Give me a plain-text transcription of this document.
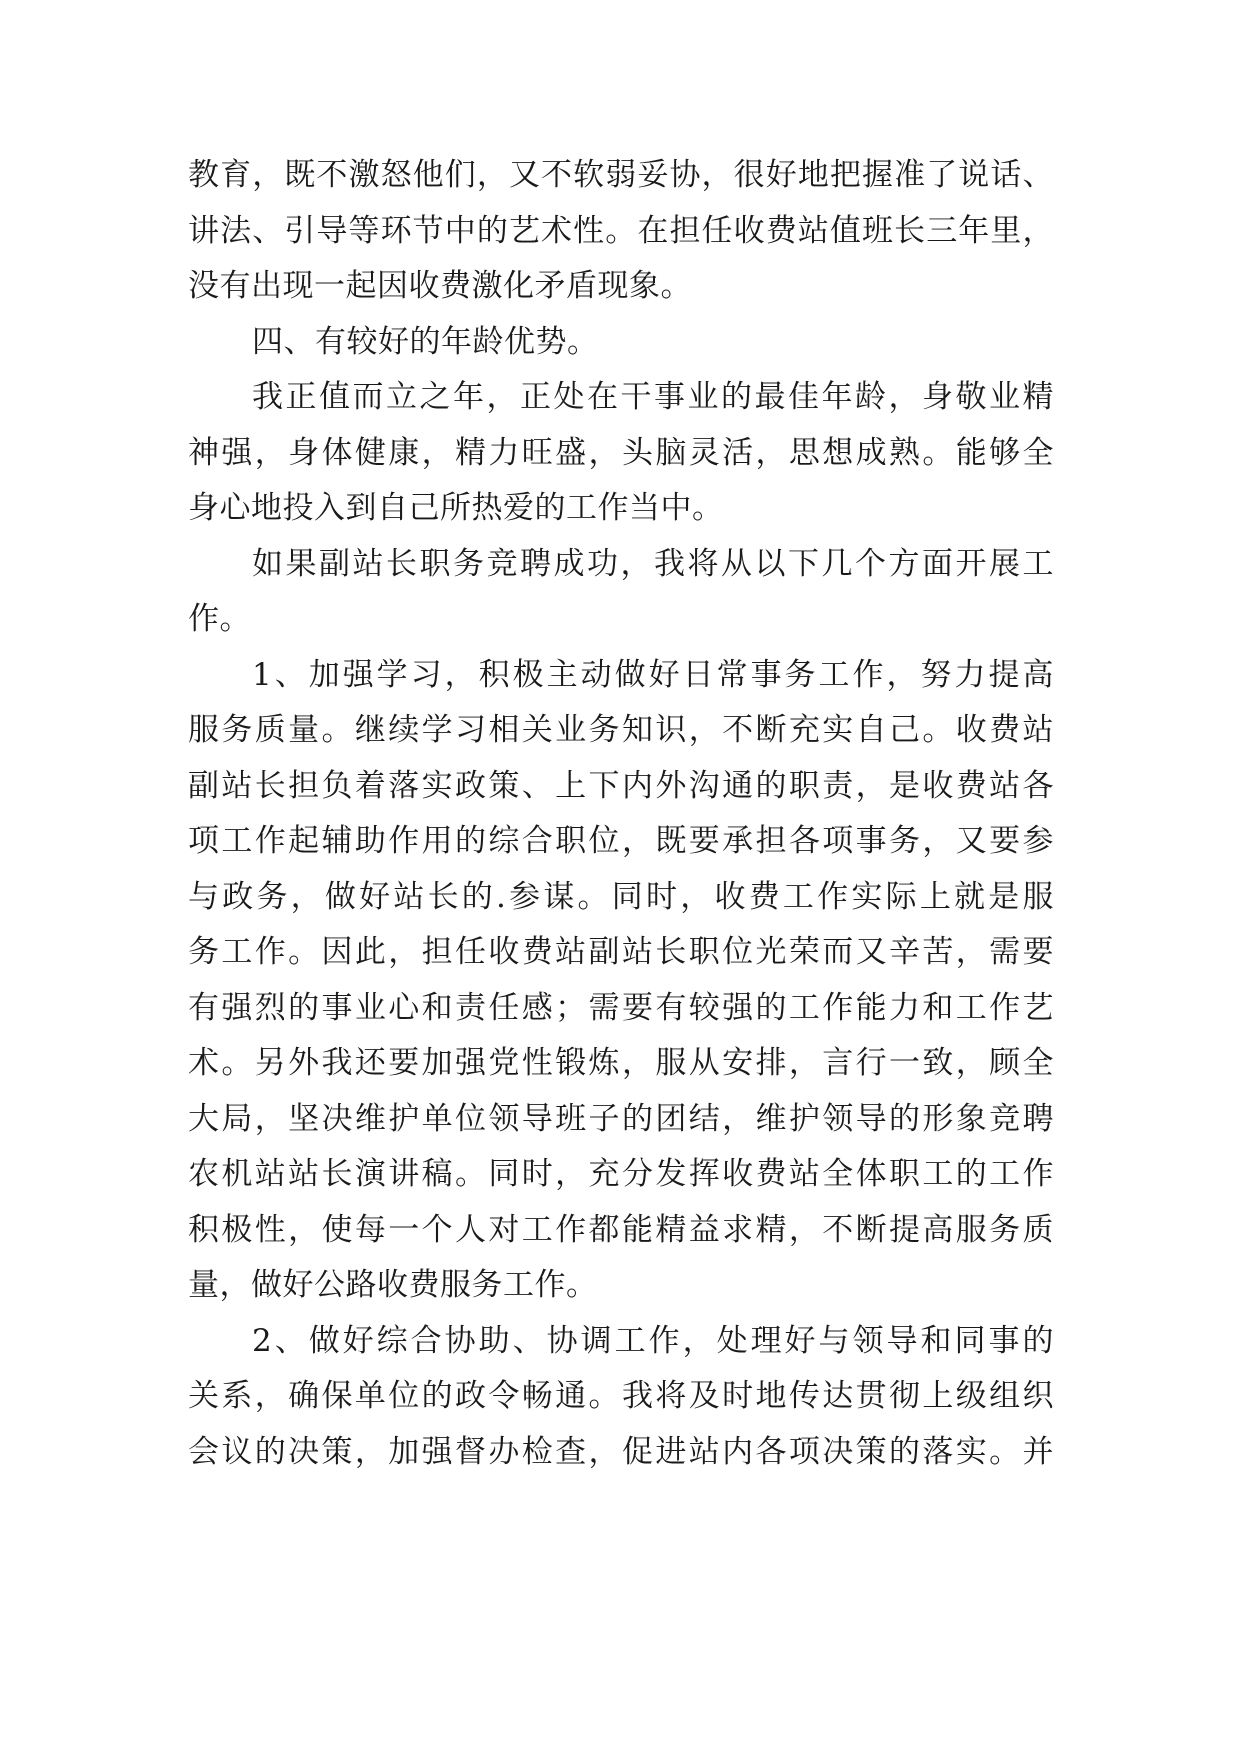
教育，既不激怒他们，又不软弱妥协，很好地把握准了说话、
讲法、引导等环节中的艺术性。在担任收费站值班长三年里，
没有出现一起因收费激化矛盾现象。
四、有较好的年龄优势。
我正值而立之年，正处在干事业的最佳年龄，身敬业精
神强，身体健康，精力旺盛，头脑灵活，思想成熟。能够全
身心地投入到自己所热爱的工作当中。
如果副站长职务竞聘成功，我将从以下几个方面开展工
作。
1、加强学习，积极主动做好日常事务工作，努力提高
服务质量。继续学习相关业务知识，不断充实自己。收费站
副站长担负着落实政策、上下内外沟通的职责，是收费站各
项工作起辅助作用的综合职位，既要承担各项事务，又要参
与政务，做好站长的.参谋。同时，收费工作实际上就是服
务工作。因此，担任收费站副站长职位光荣而又辛苦，需要
有强烈的事业心和责任感；需要有较强的工作能力和工作艺
术。另外我还要加强党性锻炼，服从安排，言行一致，顾全
大局，坚决维护单位领导班子的团结，维护领导的形象竞聘
农机站站长演讲稿。同时，充分发挥收费站全体职工的工作
积极性，使每一个人对工作都能精益求精，不断提高服务质
量，做好公路收费服务工作。
2、做好综合协助、协调工作，处理好与领导和同事的
关系，确保单位的政令畅通。我将及时地传达贯彻上级组织
会议的决策，加强督办检查，促进站内各项决策的落实。并
